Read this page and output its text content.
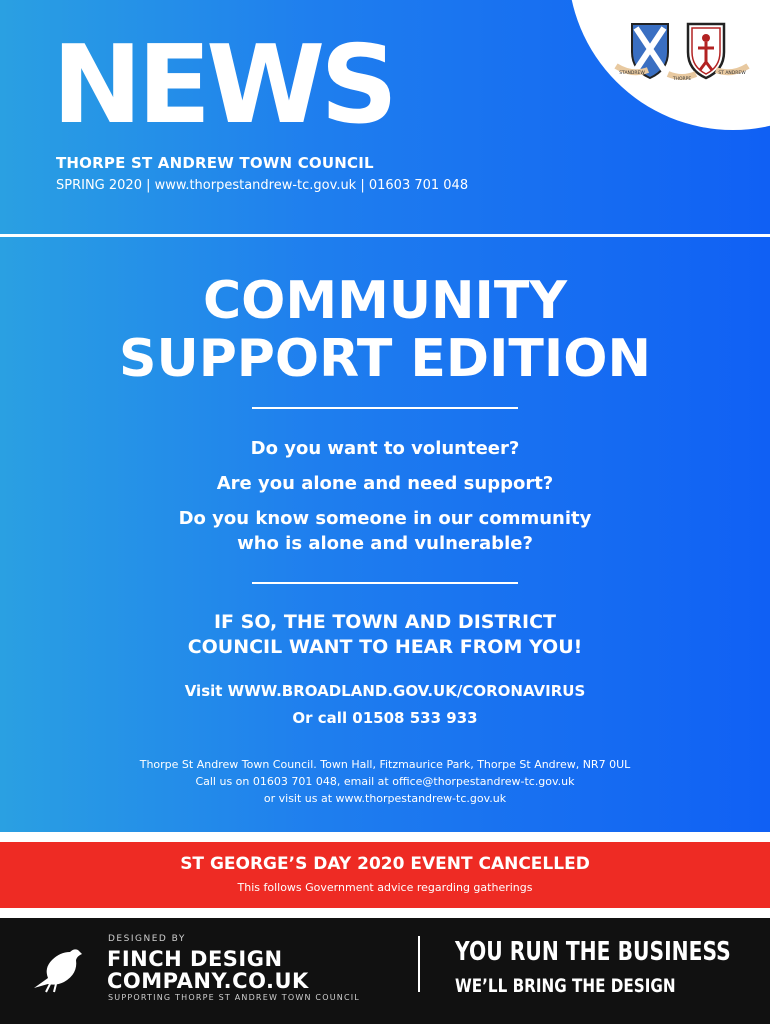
STANDREW
THORPE
ST ANDREW
NEWS
THORPE ST ANDREW TOWN COUNCIL
SPRING 2020 | www.thorpestandrew-tc.gov.uk | 01603 701 048
COMMUNITY
SUPPORT EDITION
Do you want to volunteer?
Are you alone and need support?
Do you know someone in our community
who is alone and vulnerable?
IF SO, THE TOWN AND DISTRICT
COUNCIL WANT TO HEAR FROM YOU!
Visit WWW.BROADLAND.GOV.UK/CORONAVIRUS
Or call 01508 533 933
Thorpe St Andrew Town Council. Town Hall, Fitzmaurice Park, Thorpe St Andrew, NR7 0UL
Call us on 01603 701 048, email at office@thorpestandrew-tc.gov.uk
or visit us at www.thorpestandrew-tc.gov.uk
ST GEORGE’S DAY 2020 EVENT CANCELLED
This follows Government advice regarding gatherings
DESIGNED BY
FINCH DESIGN
COMPANY.CO.UK
SUPPORTING THORPE ST ANDREW TOWN COUNCIL
YOU RUN THE BUSINESS
WE’LL BRING THE DESIGN
